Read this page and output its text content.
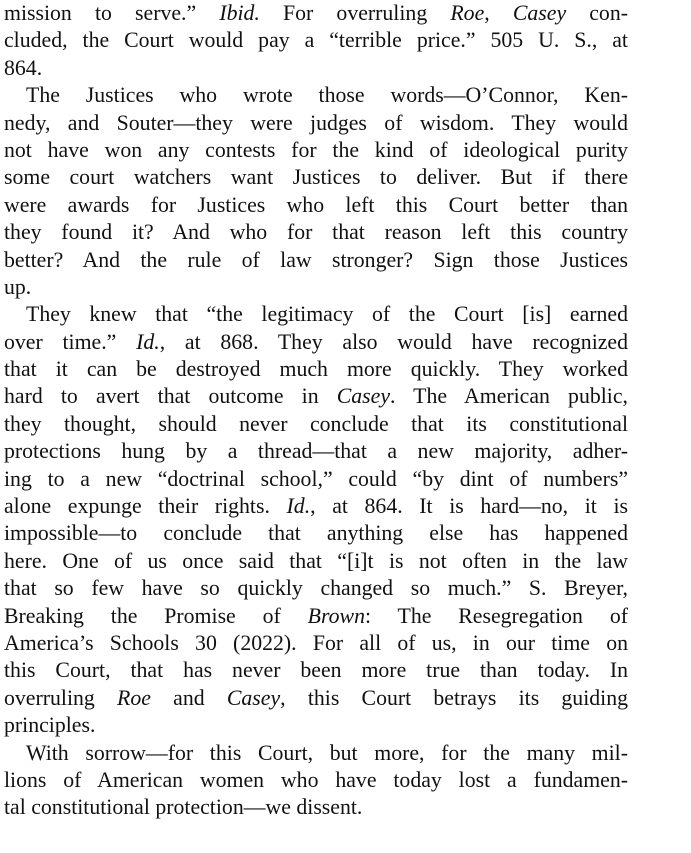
mission to serve.” Ibid. For overruling Roe, Casey con-
cluded, the Court would pay a “terrible price.” 505 U. S., at
864.
The Justices who wrote those words—O’Connor, Ken-
nedy, and Souter—they were judges of wisdom. They would
not have won any contests for the kind of ideological purity
some court watchers want Justices to deliver. But if there
were awards for Justices who left this Court better than
they found it? And who for that reason left this country
better? And the rule of law stronger? Sign those Justices
up.
They knew that “the legitimacy of the Court [is] earned
over time.” Id., at 868. They also would have recognized
that it can be destroyed much more quickly. They worked
hard to avert that outcome in Casey. The American public,
they thought, should never conclude that its constitutional
protections hung by a thread—that a new majority, adher-
ing to a new “doctrinal school,” could “by dint of numbers”
alone expunge their rights. Id., at 864. It is hard—no, it is
impossible—to conclude that anything else has happened
here. One of us once said that “[i]t is not often in the law
that so few have so quickly changed so much.” S. Breyer,
Breaking the Promise of Brown: The Resegregation of
America’s Schools 30 (2022). For all of us, in our time on
this Court, that has never been more true than today. In
overruling Roe and Casey, this Court betrays its guiding
principles.
With sorrow—for this Court, but more, for the many mil-
lions of American women who have today lost a fundamen-
tal constitutional protection—we dissent.
